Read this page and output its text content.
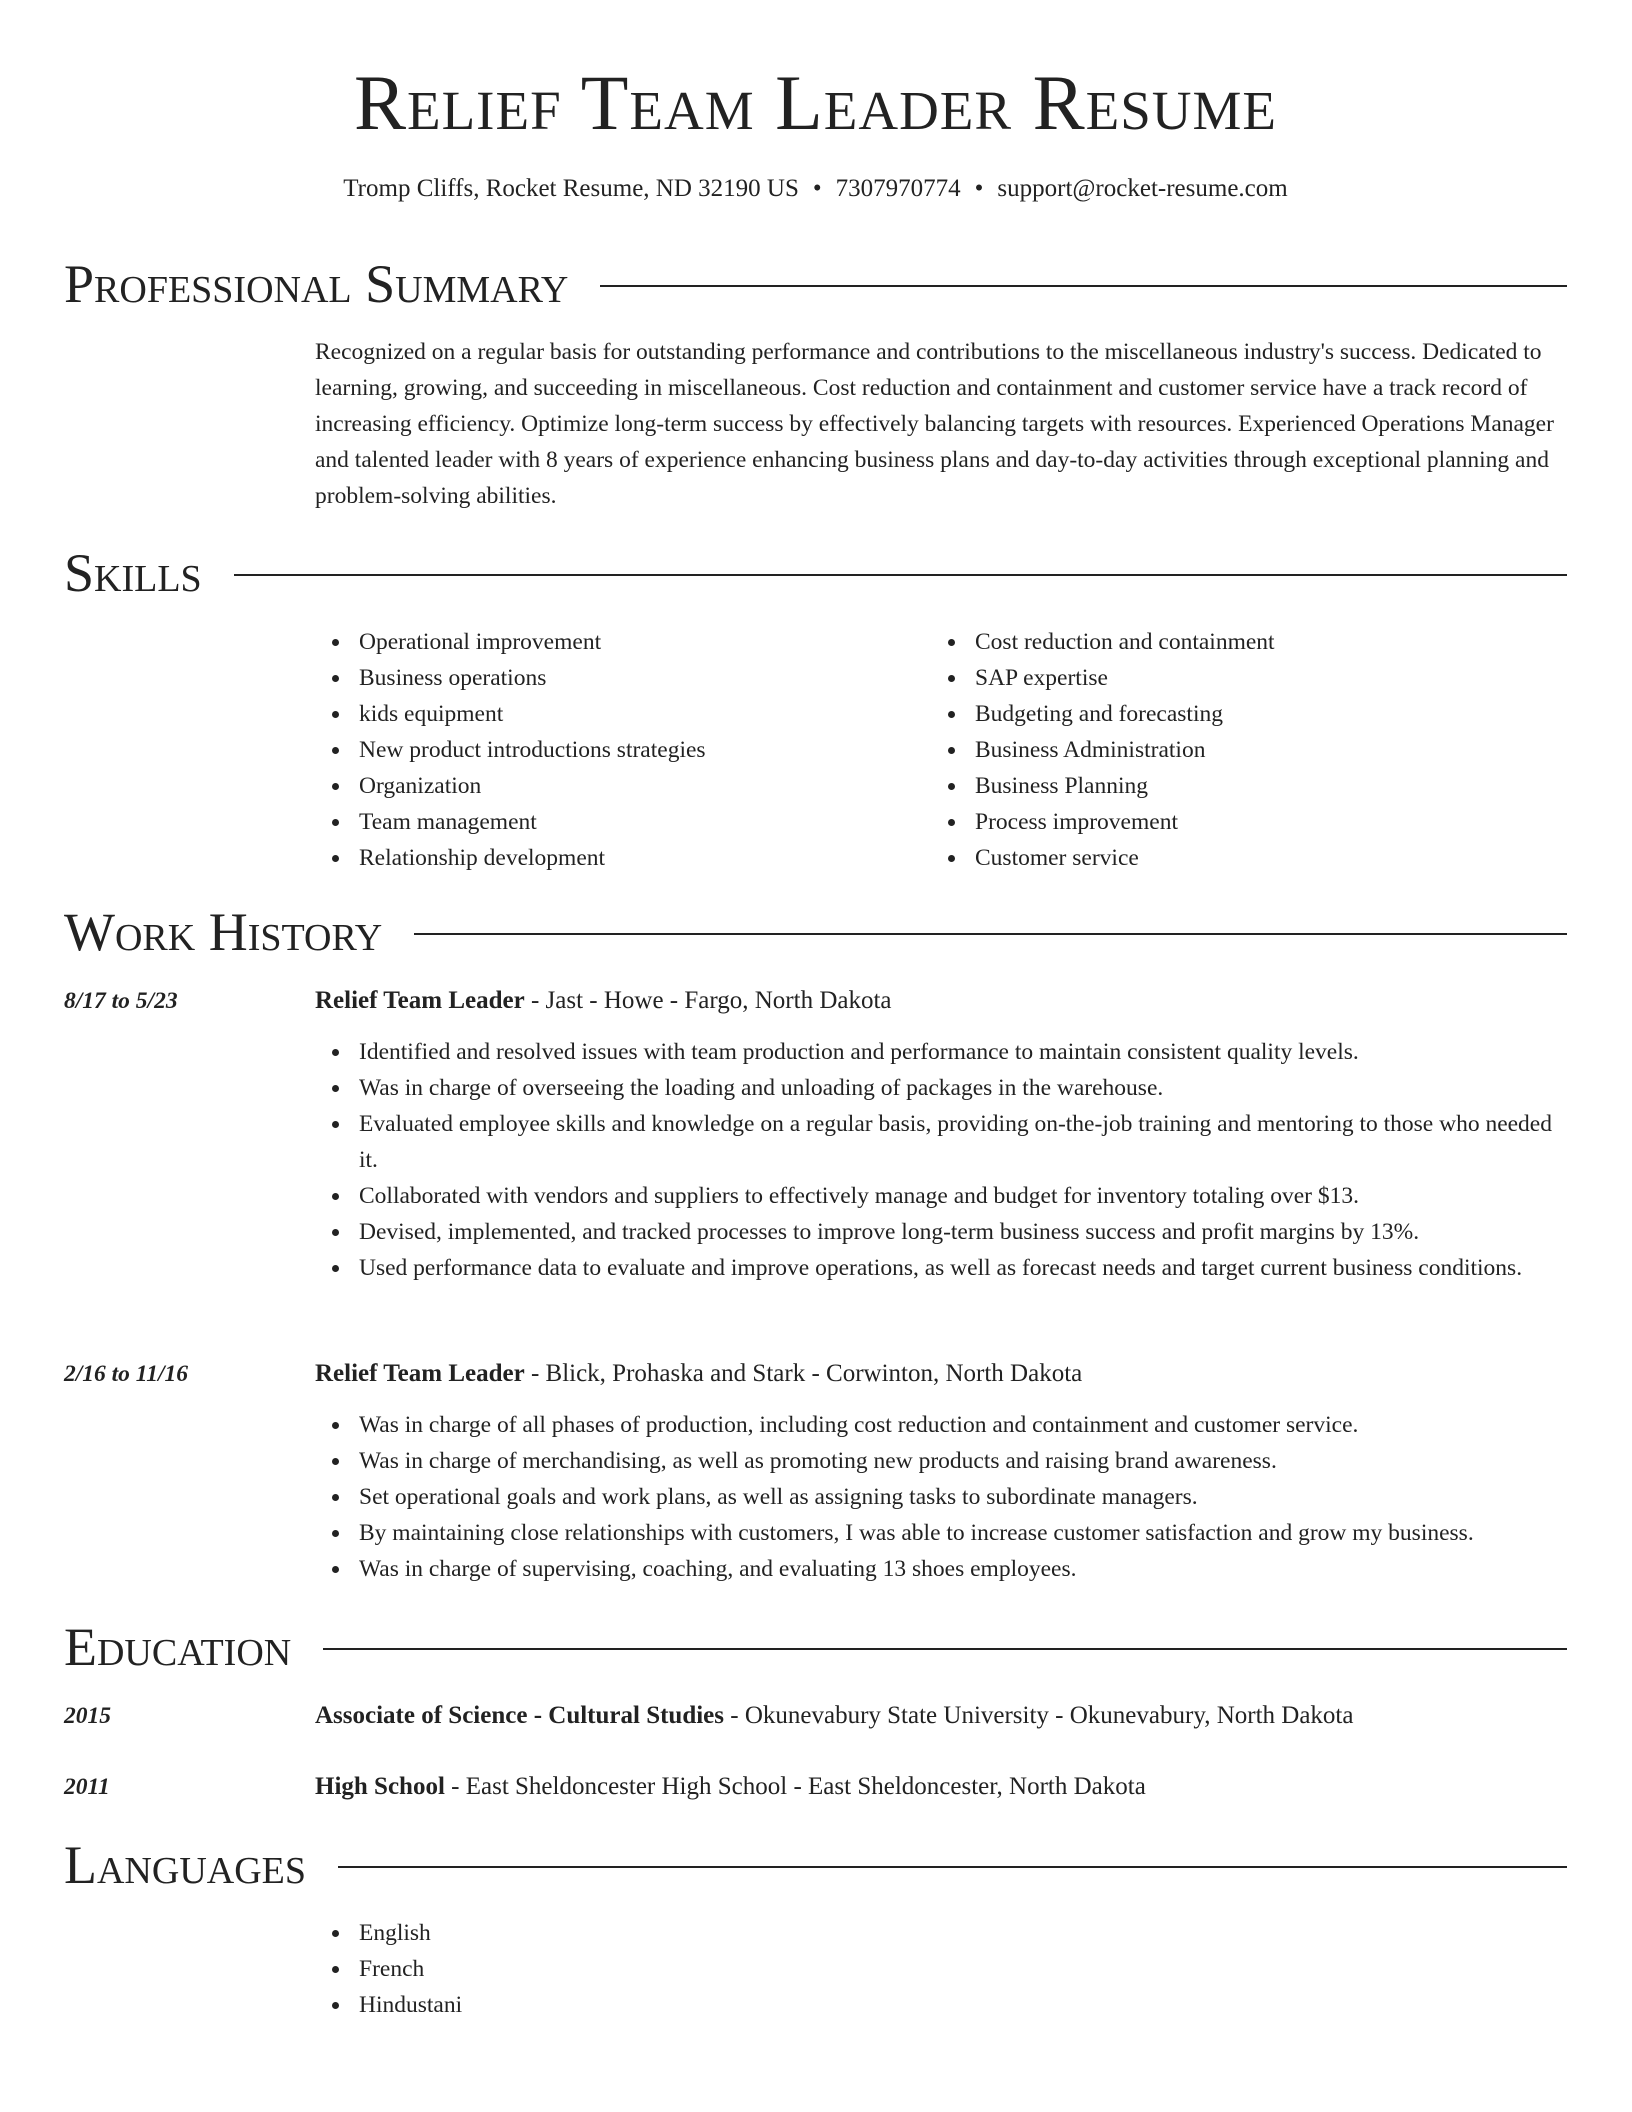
Relief Team Leader Resume
Tromp Cliffs, Rocket Resume, ND 32190 US • 7307970774 • support@rocket-resume.com
Professional Summary

Recognized on a regular basis for outstanding performance and contributions to the miscellaneous industry's success. Dedicated to learning, growing, and succeeding in miscellaneous. Cost reduction and containment and customer service have a track record of increasing efficiency. Optimize long-term success by effectively balancing targets with resources. Experienced Operations Manager and talented leader with 8 years of experience enhancing business plans and day-to-day activities through exceptional planning and problem-solving abilities.

Skills
Operational improvement
Business operations
kids equipment
New product introductions strategies
Organization
Team management
Relationship development
Cost reduction and containment
SAP expertise
Budgeting and forecasting
Business Administration
Business Planning
Process improvement
Customer service
Work History
8/17 to 5/23	Relief Team Leader - Jast - Howe - Fargo, North Dakota
Identified and resolved issues with team production and performance to maintain consistent quality levels.
Was in charge of overseeing the loading and unloading of packages in the warehouse.
Evaluated employee skills and knowledge on a regular basis, providing on-the-job training and mentoring to those who needed it.
Collaborated with vendors and suppliers to effectively manage and budget for inventory totaling over $13.
Devised, implemented, and tracked processes to improve long-term business success and profit margins by 13%.
Used performance data to evaluate and improve operations, as well as forecast needs and target current business conditions.
2/16 to 11/16	Relief Team Leader - Blick, Prohaska and Stark - Corwinton, North Dakota
Was in charge of all phases of production, including cost reduction and containment and customer service.
Was in charge of merchandising, as well as promoting new products and raising brand awareness.
Set operational goals and work plans, as well as assigning tasks to subordinate managers.
By maintaining close relationships with customers, I was able to increase customer satisfaction and grow my business.
Was in charge of supervising, coaching, and evaluating 13 shoes employees.
Education
2015	Associate of Science - Cultural Studies - Okunevabury State University - Okunevabury, North Dakota
2011	High School - East Sheldoncester High School - East Sheldoncester, North Dakota
Languages
English
French
Hindustani
